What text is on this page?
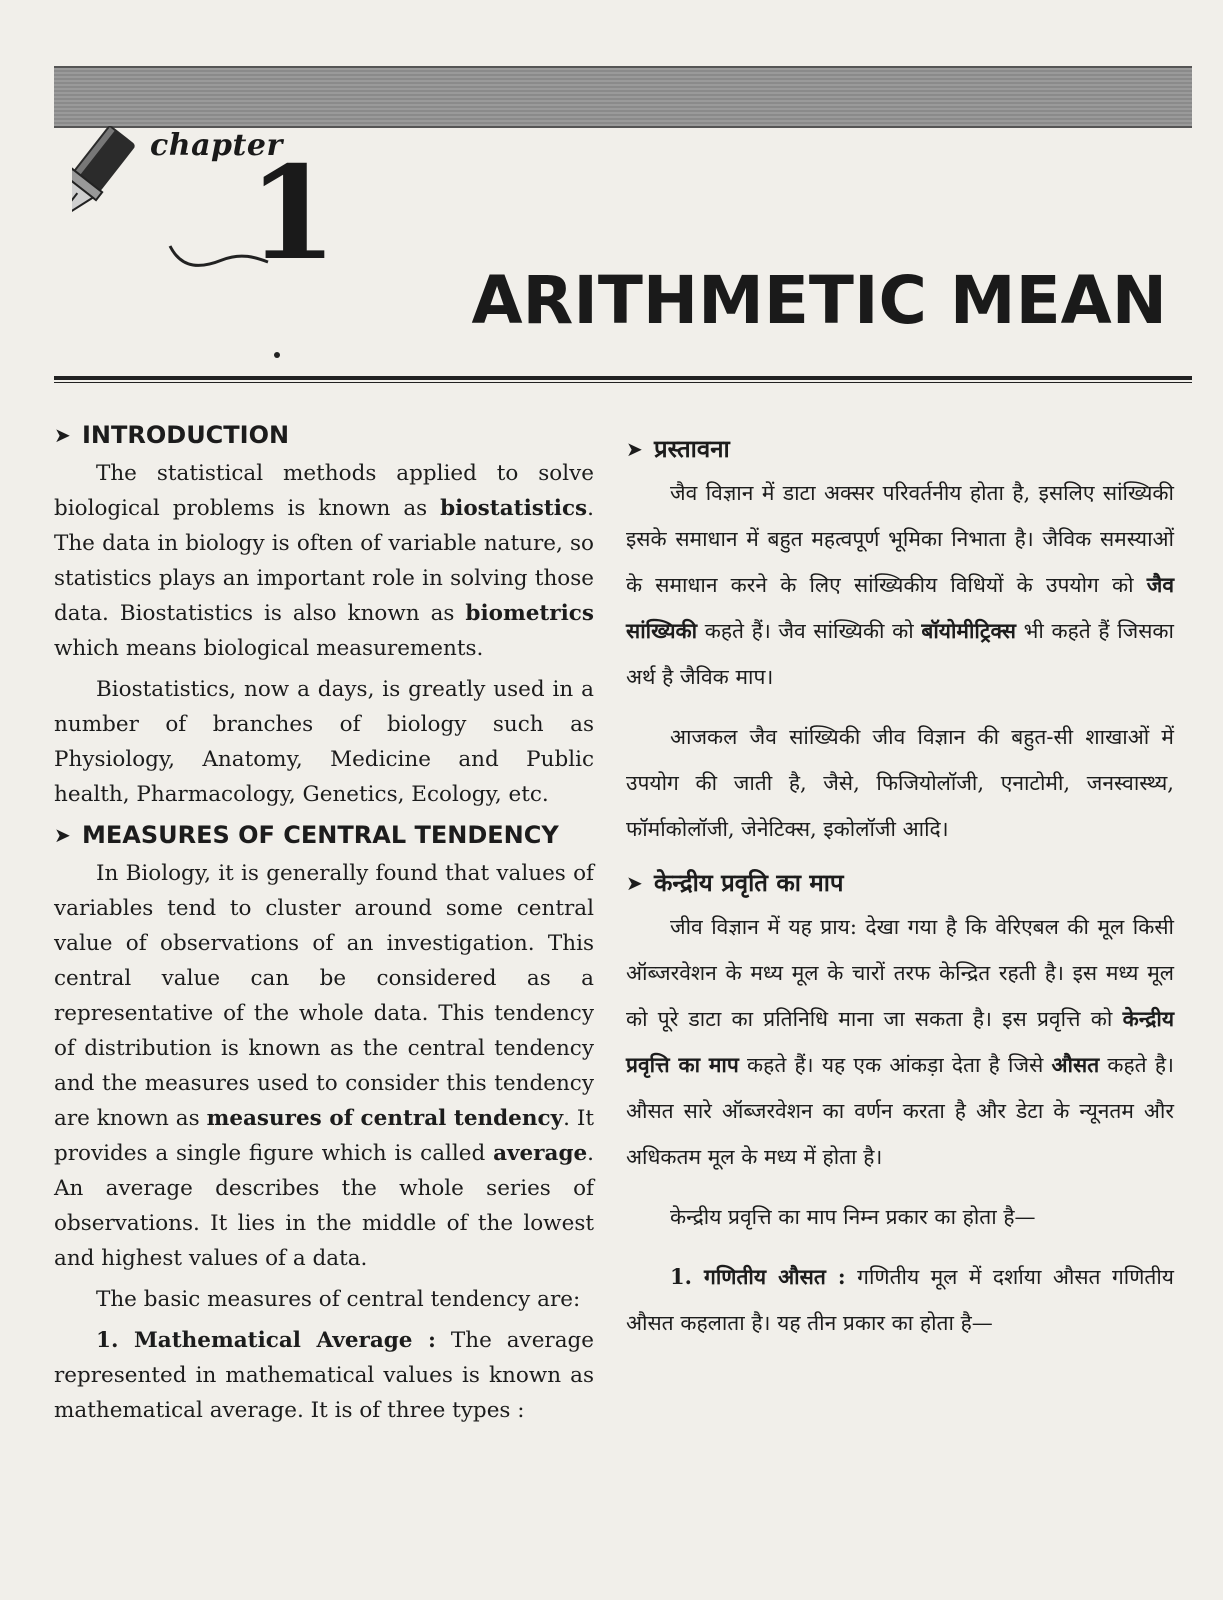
chapter
1
ARITHMETIC MEAN
➤ INTRODUCTION

The statistical methods applied to solve biological problems is known as biostatistics. The data in biology is often of variable nature, so statistics plays an important role in solving those data. Biostatistics is also known as biometrics which means biological measurements.

Biostatistics, now a days, is greatly used in a number of branches of biology such as Physiology, Anatomy, Medicine and Public health, Pharmacology, Genetics, Ecology, etc.

➤ MEASURES OF CENTRAL TENDENCY

In Biology, it is generally found that values of variables tend to cluster around some central value of observations of an investigation. This central value can be considered as a representative of the whole data. This tendency of distribution is known as the central tendency and the measures used to consider this tendency are known as measures of central tendency. It provides a single figure which is called average. An average describes the whole series of observations. It lies in the middle of the lowest and highest values of a data.

The basic measures of central tendency are:

1. Mathematical Average : The average represented in mathematical values is known as mathematical average. It is of three types :

➤ प्रस्तावना

जैव विज्ञान में डाटा अक्सर परिवर्तनीय होता है, इसलिए सांख्यिकी इसके समाधान में बहुत महत्वपूर्ण भूमिका निभाता है। जैविक समस्याओं के समाधान करने के लिए सांख्यिकीय विधियों के उपयोग को जैव सांख्यिकी कहते हैं। जैव सांख्यिकी को बॉयोमीट्रिक्स भी कहते हैं जिसका अर्थ है जैविक माप।

आजकल जैव सांख्यिकी जीव विज्ञान की बहुत-सी शाखाओं में उपयोग की जाती है, जैसे, फिजियोलॉजी, एनाटोमी, जनस्वास्थ्य, फॉर्माकोलॉजी, जेनेटिक्स, इकोलॉजी आदि।

➤ केन्द्रीय प्रवृति का माप

जीव विज्ञान में यह प्राय: देखा गया है कि वेरिएबल की मूल किसी ऑब्जरवेशन के मध्य मूल के चारों तरफ केन्द्रित रहती है। इस मध्य मूल को पूरे डाटा का प्रतिनिधि माना जा सकता है। इस प्रवृत्ति को केन्द्रीय प्रवृत्ति का माप कहते हैं। यह एक आंकड़ा देता है जिसे औसत कहते है। औसत सारे ऑब्जरवेशन का वर्णन करता है और डेटा के न्यूनतम और अधिकतम मूल के मध्य में होता है।

केन्द्रीय प्रवृत्ति का माप निम्न प्रकार का होता है—

1. गणितीय औसत : गणितीय मूल में दर्शाया औसत गणितीय औसत कहलाता है। यह तीन प्रकार का होता है—
